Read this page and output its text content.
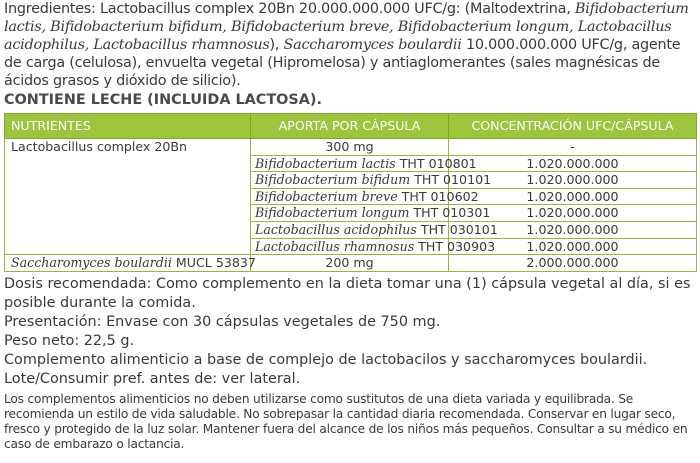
Ingredientes: Lactobacillus complex 20Bn 20.000.000.000 UFC/g: (Maltodextrina, Bifidobacterium lactis, Bifidobacterium bifidum, Bifidobacterium breve, Bifidobacterium longum, Lactobacillus acidophilus, Lactobacillus rhamnosus), Saccharomyces boulardii 10.000.000.000 UFC/g, agente de carga (celulosa), envuelta vegetal (Hipromelosa) y antiaglomerantes (sales magnésicas de ácidos grasos y dióxido de silicio).

CONTIENE LECHE (INCLUIDA LACTOSA).
NUTRIENTES	APORTA POR CÁPSULA	CONCENTRACIÓN UFC/CÁPSULA
Lactobacillus complex 20Bn	300 mg	-
	Bifidobacterium lactis THT 010801	1.020.000.000
	Bifidobacterium bifidum THT 010101	1.020.000.000
	Bifidobacterium breve THT 010602	1.020.000.000
	Bifidobacterium longum THT 010301	1.020.000.000
	Lactobacillus acidophilus THT 030101	1.020.000.000
	Lactobacillus rhamnosus THT 030903	1.020.000.000
Saccharomyces boulardii MUCL 53837	200 mg	2.000.000.000

Dosis recomendada: Como complemento en la dieta tomar una (1) cápsula vegetal al día, si es posible durante la comida.

Presentación: Envase con 30 cápsulas vegetales de 750 mg.

Peso neto: 22,5 g.

Complemento alimenticio a base de complejo de lactobacilos y saccharomyces boulardii.

Lote/Consumir pref. antes de: ver lateral.

Los complementos alimenticios no deben utilizarse como sustitutos de una dieta variada y equilibrada. Se recomienda un estilo de vida saludable. No sobrepasar la cantidad diaria recomendada. Conservar en lugar seco, fresco y protegido de la luz solar. Mantener fuera del alcance de los niños más pequeños. Consultar a su médico en caso de embarazo o lactancia.
